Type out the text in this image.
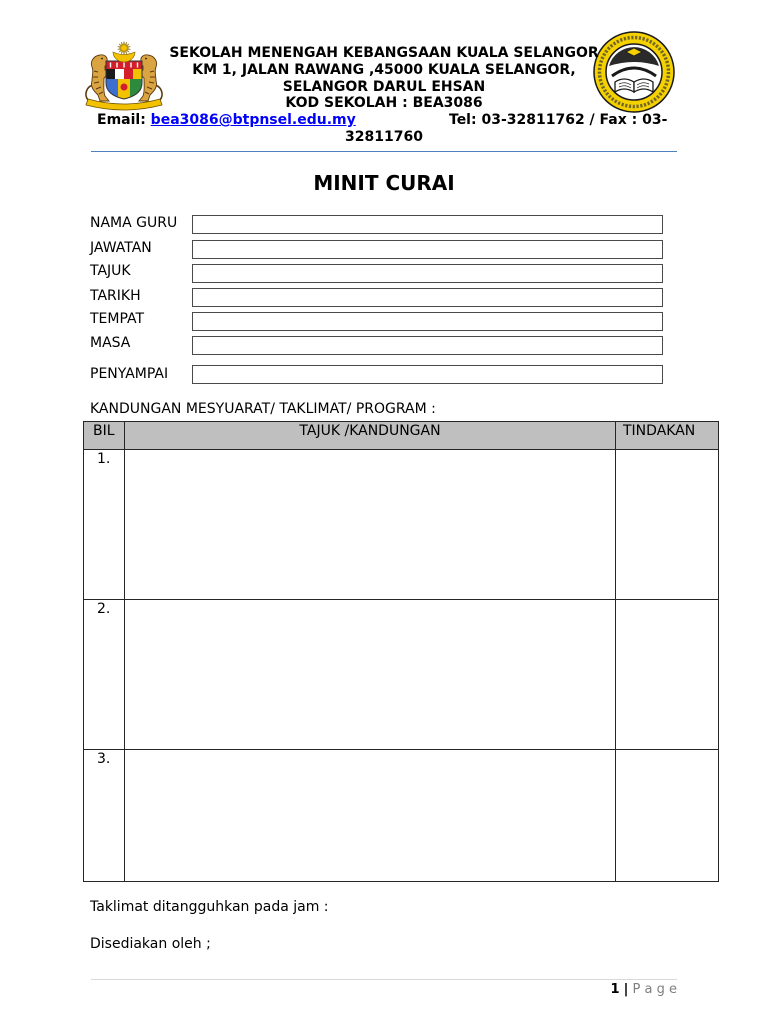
SEKOLAH MENENGAH KEBANGSAAN KUALA SELANGOR
KM 1, JALAN RAWANG ,45000 KUALA SELANGOR,
SELANGOR DARUL EHSAN
KOD SEKOLAH : BEA3086
Email: bea3086@btpnsel.edu.my	Tel: 03-32811762 / Fax : 03-
32811760
MINIT CURAI
NAMA GURU
JAWATAN
TAJUK
TARIKH
TEMPAT
MASA
PENYAMPAI
KANDUNGAN MESYUARAT/ TAKLIMAT/ PROGRAM :
BIL	TAJUK /KANDUNGAN	TINDAKAN
1.		
2.		
3.		
Taklimat ditangguhkan pada jam :
Disediakan oleh ;
1 | P a g e
